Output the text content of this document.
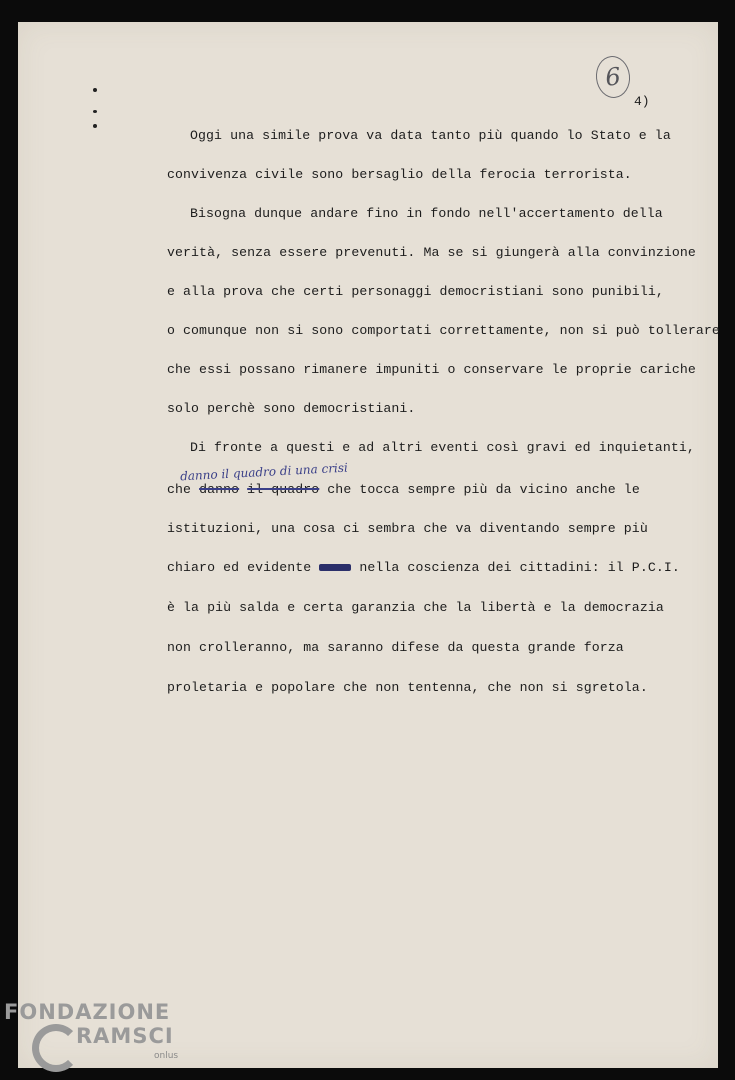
6
4)

Oggi una simile prova va data tanto più quando lo Stato e la

convivenza civile sono bersaglio della ferocia terrorista.

Bisogna dunque andare fino in fondo nell'accertamento della

verità, senza essere prevenuti. Ma se si giungerà alla convinzione

e alla prova che certi personaggi democristiani sono punibili,

o comunque non si sono comportati correttamente, non si può tollerare

che essi possano rimanere impuniti o conservare le proprie cariche

solo perchè sono democristiani.

Di fronte a questi e ad altri eventi così gravi ed inquietanti,

danno il quadro di una crisi

che danno il quadro che tocca sempre più da vicino anche le

istituzioni, una cosa ci sembra che va diventando sempre più

chiaro ed evidente  nella coscienza dei cittadini: il P.C.I.

è la più salda e certa garanzia che la libertà e la democrazia

non crolleranno, ma saranno difese da questa grande forza

proletaria e popolare che non tentenna, che non si sgretola.

FONDAZIONE
RAMSCI
onlus
